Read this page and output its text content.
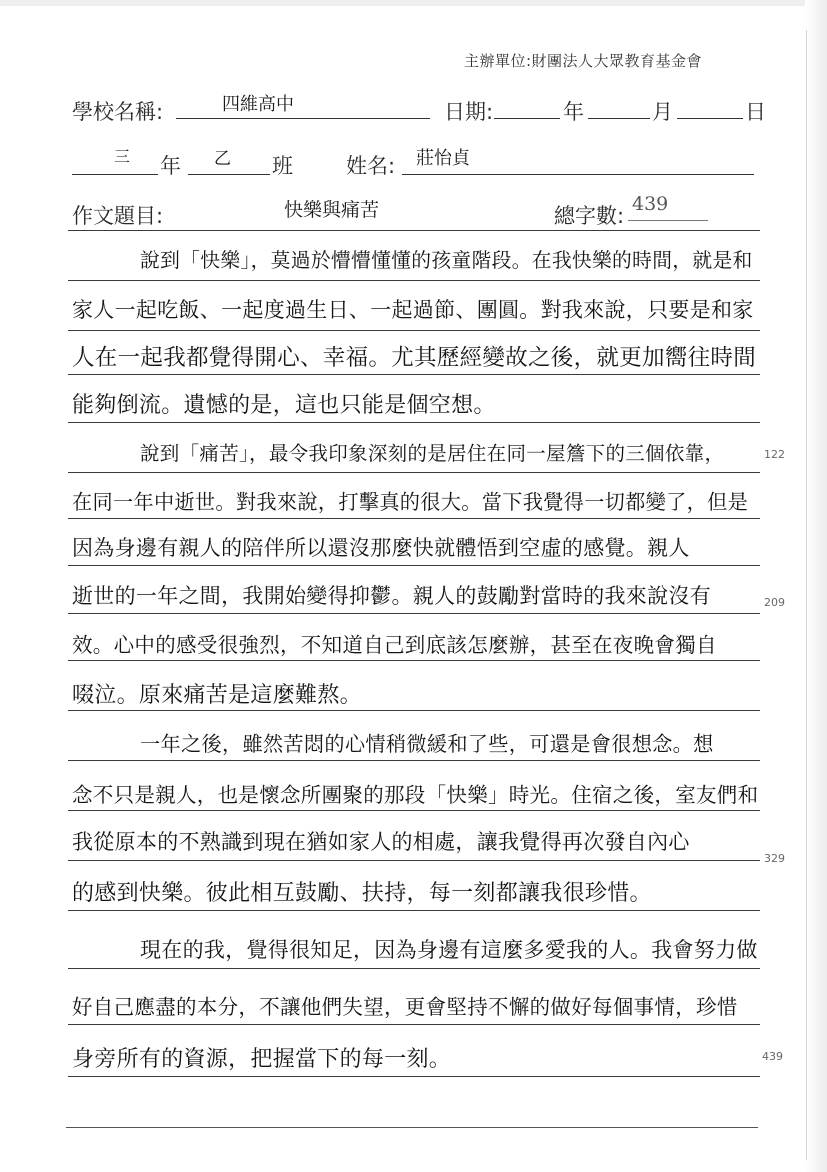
主辦單位:財團法人大眾教育基金會
學校名稱:	四維高中	日期:	年	月	日
三 年 乙 班	姓名: 莊怡貞
作文題目:	快樂與痛苦	總字數: 439
說到「快樂」，莫過於懵懵懂懂的孩童階段。在我快樂的時間，就是和
家人一起吃飯、一起度過生日、一起過節、團圓。對我來說，只要是和家
人在一起我都覺得開心、幸福。尤其歷經變故之後，就更加嚮往時間
能夠倒流。遺憾的是，這也只能是個空想。
說到「痛苦」，最令我印象深刻的是居住在同一屋簷下的三個依靠，
在同一年中逝世。對我來說，打擊真的很大。當下我覺得一切都變了，但是
因為身邊有親人的陪伴所以還沒那麼快就體悟到空虛的感覺。親人
逝世的一年之間，我開始變得抑鬱。親人的鼓勵對當時的我來說沒有
效。心中的感受很強烈，不知道自己到底該怎麼辦，甚至在夜晚會獨自
啜泣。原來痛苦是這麼難熬。
一年之後，雖然苦悶的心情稍微緩和了些，可還是會很想念。想
念不只是親人，也是懷念所團聚的那段「快樂」時光。住宿之後，室友們和
我從原本的不熟識到現在猶如家人的相處，讓我覺得再次發自內心
的感到快樂。彼此相互鼓勵、扶持，每一刻都讓我很珍惜。
現在的我，覺得很知足，因為身邊有這麼多愛我的人。我會努力做
好自己應盡的本分，不讓他們失望，更會堅持不懈的做好每個事情，珍惜
身旁所有的資源，把握當下的每一刻。
122
209
329
439
